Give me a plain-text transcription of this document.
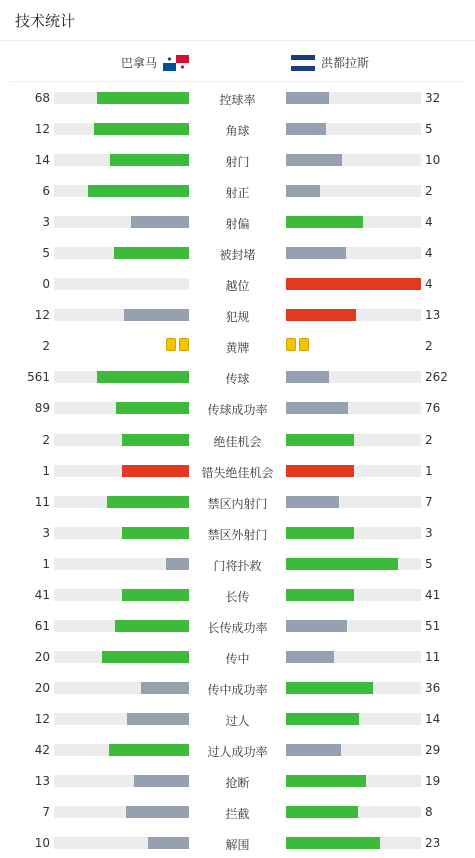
技术统计
巴拿马	洪都拉斯
68	控球率	32
12	角球	5
14	射门	10
6	射正	2
3	射偏	4
5	被封堵	4
0	越位	4
12	犯规	13
2	黄牌	2
561	传球	262
89	传球成功率	76
2	绝佳机会	2
1	错失绝佳机会	1
11	禁区内射门	7
3	禁区外射门	3
1	门将扑救	5
41	长传	41
61	长传成功率	51
20	传中	11
20	传中成功率	36
12	过人	14
42	过人成功率	29
13	抢断	19
7	拦截	8
10	解围	23
